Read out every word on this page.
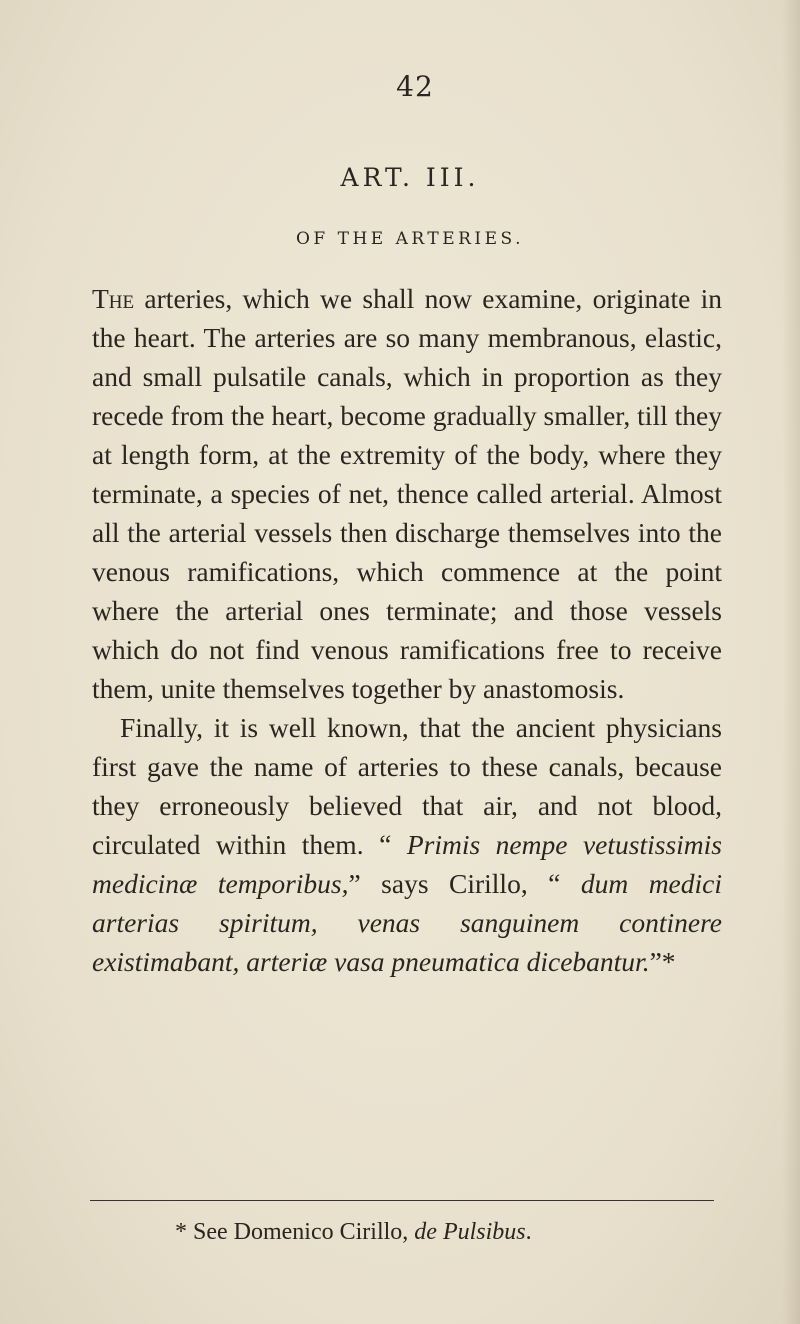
42
ART. III.
OF THE ARTERIES.

The arteries, which we shall now examine, originate in the heart. The arteries are so many membranous, elastic, and small pulsatile canals, which in proportion as they recede from the heart, become gradually smaller, till they at length form, at the extremity of the body, where they terminate, a species of net, thence called arterial. Almost all the arterial vessels then discharge themselves into the venous ramifications, which commence at the point where the arterial ones terminate; and those vessels which do not find venous ramifications free to receive them, unite themselves together by anastomosis.

Finally, it is well known, that the ancient physicians first gave the name of arteries to these canals, because they erroneously believed that air, and not blood, circulated within them. “ Primis nempe vetustissimis medicinæ temporibus,” says Cirillo, “ dum medici arterias spiritum, venas sanguinem continere existimabant, arteriæ vasa pneumatica dicebantur.”*

* See Domenico Cirillo, de Pulsibus.
